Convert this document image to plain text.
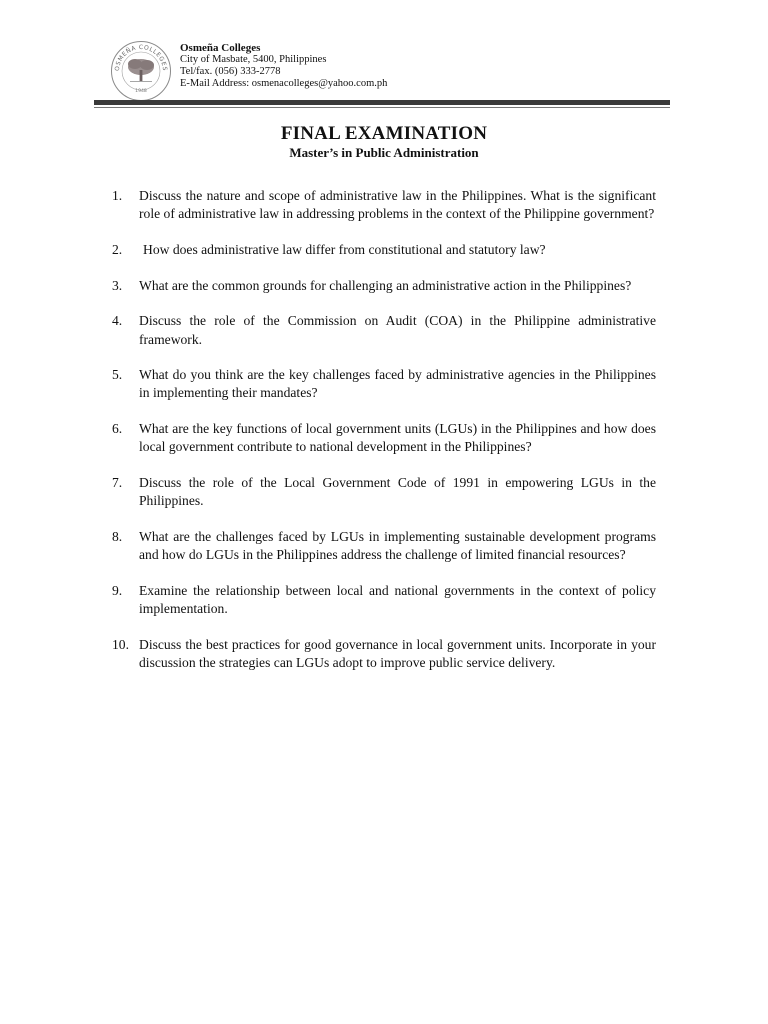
OSMEÑA COLLEGES
1948
Osmeña Colleges
City of Masbate, 5400, Philippines
Tel/fax. (056) 333-2778
E-Mail Address: osmenacolleges@yahoo.com.ph
FINAL EXAMINATION
Master’s in Public Administration
1.	Discuss the nature and scope of administrative law in the Philippines. What is the significant role of administrative law in addressing problems in the context of the Philippine government?
2.	How does administrative law differ from constitutional and statutory law?
3.	What are the common grounds for challenging an administrative action in the Philippines?
4.	Discuss the role of the Commission on Audit (COA) in the Philippine administrative framework.
5.	What do you think are the key challenges faced by administrative agencies in the Philippines in implementing their mandates?
6.	What are the key functions of local government units (LGUs) in the Philippines and how does local government contribute to national development in the Philippines?
7.	Discuss the role of the Local Government Code of 1991 in empowering LGUs in the Philippines.
8.	What are the challenges faced by LGUs in implementing sustainable development programs and how do LGUs in the Philippines address the challenge of limited financial resources?
9.	Examine the relationship between local and national governments in the context of policy implementation.
10. Discuss the best practices for good governance in local government units. Incorporate in your discussion the strategies can LGUs adopt to improve public service delivery.
